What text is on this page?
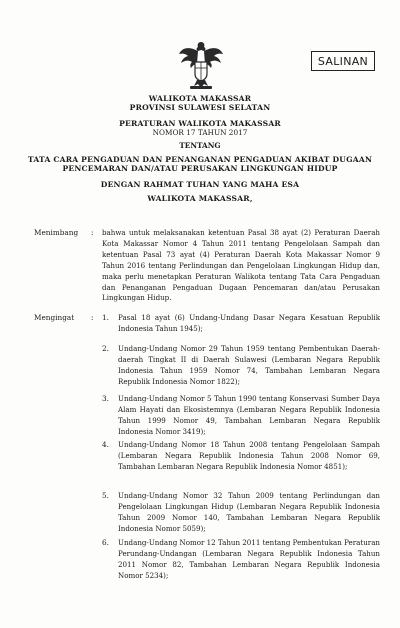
SALINAN
WALIKOTA MAKASSAR
PROVINSI SULAWESI SELATAN
PERATURAN WALIKOTA MAKASSAR
NOMOR 17 TAHUN 2017
TENTANG
TATA CARA PENGADUAN DAN PENANGANAN PENGADUAN AKIBAT DUGAAN
PENCEMARAN DAN/ATAU PERUSAKAN LINGKUNGAN HIDUP
DENGAN RAHMAT TUHAN YANG MAHA ESA
WALIKOTA MAKASSAR,
Menimbang : bahwa untuk melaksanakan ketentuan Pasal 38 ayat (2) Peraturan Daerah Kota Makassar Nomor 4 Tahun 2011 tentang Pengelolaan Sampah dan ketentuan Pasal 73 ayat (4) Peraturan Daerah Kota Makassar Nomor 9 Tahun 2016 tentang Perlindungan dan Pengelolaan Lingkungan Hidup dan, maka perlu menetapkan Peraturan Walikota tentang Tata Cara Pengaduan dan Penanganan Pengaduan Dugaan Pencemaran dan/atau Perusakan Lingkungan Hidup.
Mengingat : 1. Pasal 18 ayat (6) Undang-Undang Dasar Negara Kesatuan Republik Indonesia Tahun 1945);
2. Undang-Undang Nomor 29 Tahun 1959 tentang Pembentukan Daerah-daerah Tingkat II di Daerah Sulawesi (Lembaran Negara Republik Indonesia Tahun 1959 Nomor 74, Tambahan Lembaran Negara Republik Indonesia Nomor 1822);
3. Undang-Undang Nomor 5 Tahun 1990 tentang Konservasi Sumber Daya Alam Hayati dan Ekosistemnya (Lembaran Negara Republik Indonesia Tahun 1999 Nomor 49, Tambahan Lembaran Negara Republik Indonesia Nomor 3419);
4. Undang-Undang Nomor 18 Tahun 2008 tentang Pengelolaan Sampah (Lembaran Negara Republik Indonesia Tahun 2008 Nomor 69, Tambahan Lembaran Negara Republik Indonesia Nomor 4851);
5. Undang-Undang Nomor 32 Tahun 2009 tentang Perlindungan dan Pengelolaan Lingkungan Hidup (Lembaran Negara Republik Indonesia Tahun 2009 Nomor 140, Tambahan Lembaran Negara Republik Indonesia Nomor 5059);
6. Undang-Undang Nomor 12 Tahun 2011 tentang Pembentukan Peraturan Perundang-Undangan (Lembaran Negara Republik Indonesia Tahun 2011 Nomor 82, Tambahan Lembaran Negara Republik Indonesia Nomor 5234);
